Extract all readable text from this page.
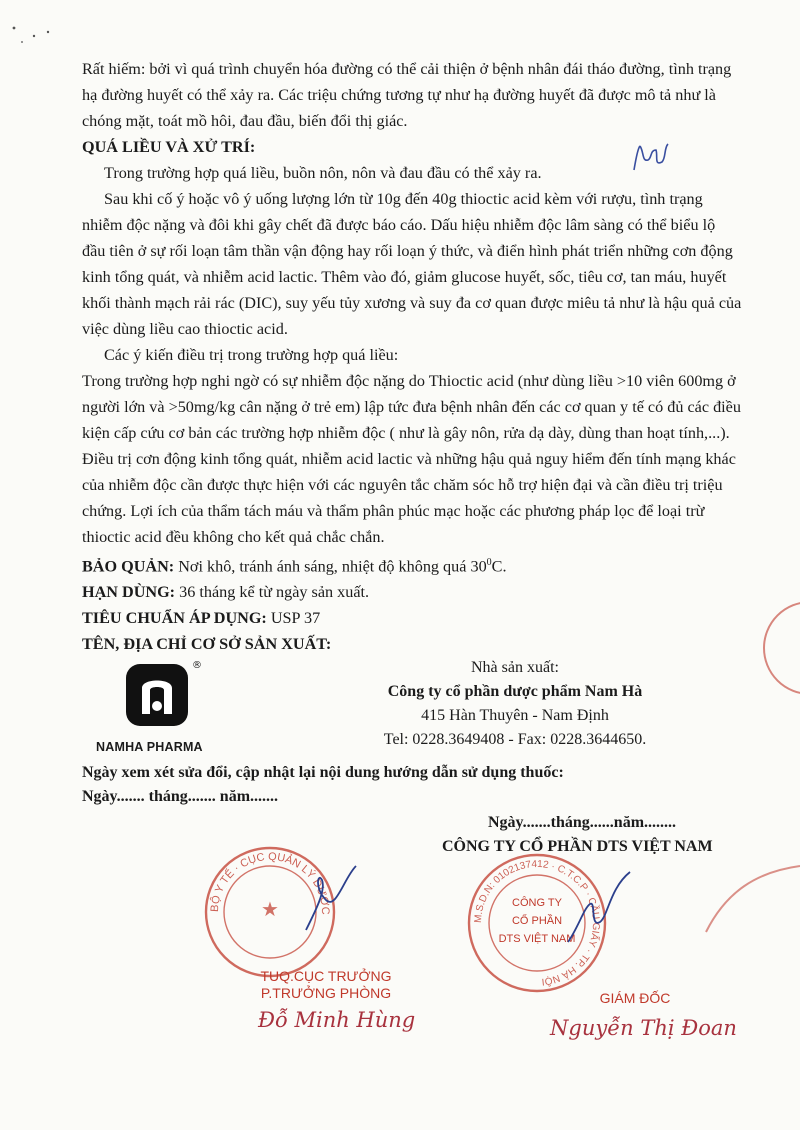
Rất hiếm: bởi vì quá trình chuyển hóa đường có thể cải thiện ở bệnh nhân đái tháo đường, tình trạng hạ đường huyết có thể xảy ra. Các triệu chứng tương tự như hạ đường huyết đã được mô tả như là chóng mặt, toát mồ hôi, đau đầu, biến đổi thị giác.

QUÁ LIỀU VÀ XỬ TRÍ:

Trong trường hợp quá liều, buồn nôn, nôn và đau đầu có thể xảy ra.

Sau khi cố ý hoặc vô ý uống lượng lớn từ 10g đến 40g thioctic acid kèm với rượu, tình trạng nhiễm độc nặng và đôi khi gây chết đã được báo cáo. Dấu hiệu nhiễm độc lâm sàng có thể biểu lộ đầu tiên ở sự rối loạn tâm thần vận động hay rối loạn ý thức, và điển hình phát triển những cơn động kinh tổng quát, và nhiễm acid lactic. Thêm vào đó, giảm glucose huyết, sốc, tiêu cơ, tan máu, huyết khối thành mạch rải rác (DIC), suy yếu tủy xương và suy đa cơ quan được miêu tả như là hậu quả của việc dùng liều cao thioctic acid.

Các ý kiến điều trị trong trường hợp quá liều:

Trong trường hợp nghi ngờ có sự nhiễm độc nặng do Thioctic acid (như dùng liều >10 viên 600mg ở người lớn và >50mg/kg cân nặng ở trẻ em) lập tức đưa bệnh nhân đến các cơ quan y tế có đủ các điều kiện cấp cứu cơ bản các trường hợp nhiễm độc ( như là gây nôn, rửa dạ dày, dùng than hoạt tính,...). Điều trị cơn động kinh tổng quát, nhiễm acid lactic và những hậu quả nguy hiểm đến tính mạng khác của nhiễm độc cần được thực hiện với các nguyên tắc chăm sóc hỗ trợ hiện đại và cần điều trị triệu chứng. Lợi ích của thẩm tách máu và thẩm phân phúc mạc hoặc các phương pháp lọc để loại trừ thioctic acid đều không cho kết quả chắc chắn.

BẢO QUẢN: Nơi khô, tránh ánh sáng, nhiệt độ không quá $30^0C$.

HẠN DÙNG: 36 tháng kể từ ngày sản xuất.

TIÊU CHUẨN ÁP DỤNG: USP 37

TÊN, ĐỊA CHỈ CƠ SỞ SẢN XUẤT:

®
NAMHA PHARMA
Nhà sản xuất:
Công ty cổ phần dược phẩm Nam Hà
415 Hàn Thuyên - Nam Định
Tel: 0228.3649408 - Fax: 0228.3644650.
Ngày xem xét sửa đổi, cập nhật lại nội dung hướng dẫn sử dụng thuốc:
Ngày....... tháng....... năm.......
Ngày.......tháng......năm........
CÔNG TY CỔ PHẦN DTS VIỆT NAM
BỘ Y TẾ · CỤC QUẢN LÝ DƯỢC
★	M.S.D.N: 0102137412 · C.T.C.P · CẦU GIẤY · TP. HÀ NỘI
CÔNG TY
CỔ PHẦN
DTS VIỆT NAM
TUQ.CỤC TRƯỞNG
P.TRƯỞNG PHÒNG
Đỗ Minh Hùng
GIÁM ĐỐC
Nguyễn Thị Đoan
